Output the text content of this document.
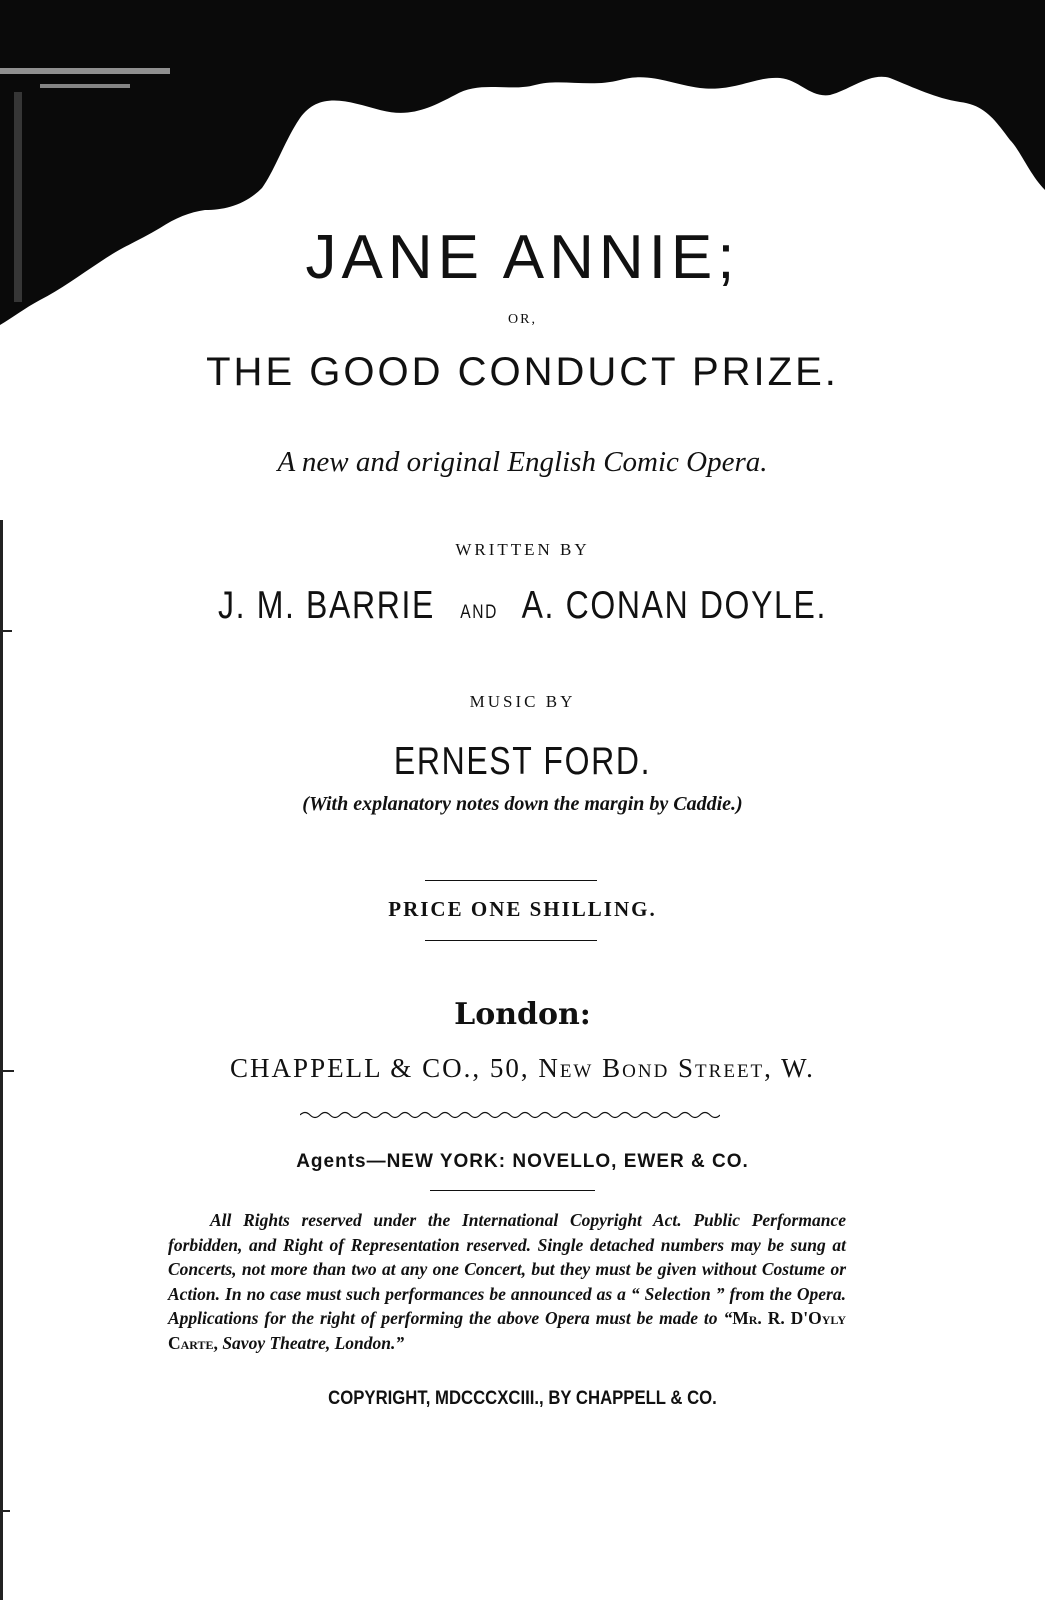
JANE ANNIE;
OR,
THE GOOD CONDUCT PRIZE.
A new and original English Comic Opera.
WRITTEN BY
J. M. BARRIE AND A. CONAN DOYLE.
MUSIC BY
ERNEST FORD.
(With explanatory notes down the margin by Caddie.)
PRICE ONE SHILLING.
London:
CHAPPELL & CO., 50, New Bond Street, W.
Agents—NEW YORK: NOVELLO, EWER & CO.
All Rights reserved under the International Copyright Act. Public Performance forbidden, and Right of Representation reserved. Single detached numbers may be sung at Concerts, not more than two at any one Concert, but they must be given without Costume or Action. In no case must such performances be announced as a “ Selection ” from the Opera. Applications for the right of performing the above Opera must be made to “Mr. R. D'Oyly Carte, Savoy Theatre, London.”
COPYRIGHT, MDCCCXCIII., BY CHAPPELL & CO.
